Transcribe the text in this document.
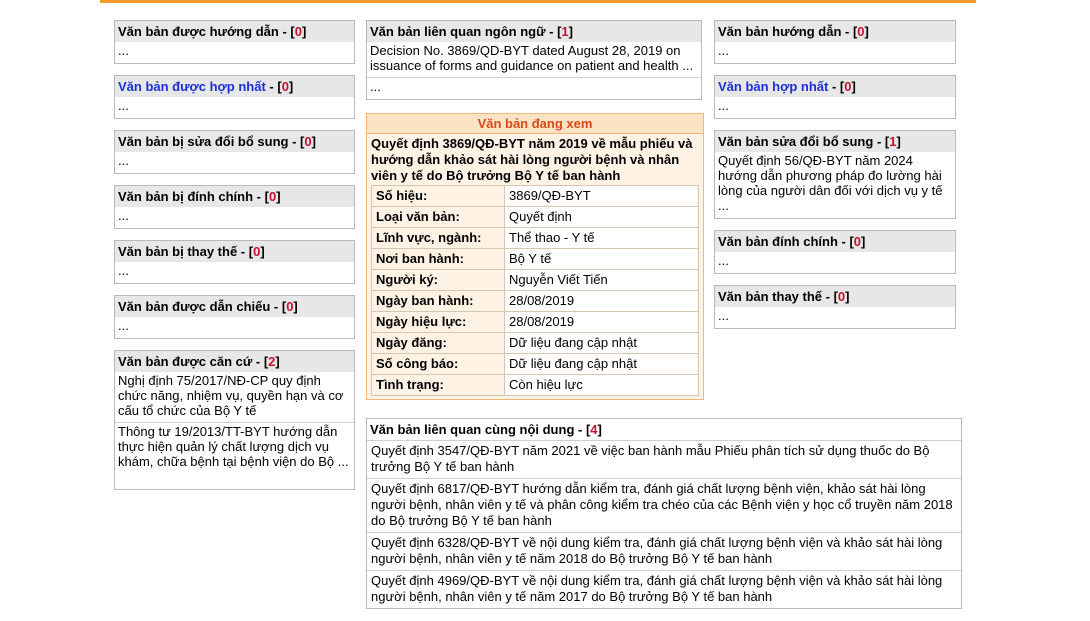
Văn bản được hướng dẫn - [0]
...
Văn bản được hợp nhất - [0]
...
Văn bản bị sửa đổi bổ sung - [0]
...
Văn bản bị đính chính - [0]
...
Văn bản bị thay thế - [0]
...
Văn bản được dẫn chiếu - [0]
...
Văn bản được căn cứ - [2]
Nghị định 75/2017/NĐ-CP quy định chức năng, nhiệm vụ, quyền hạn và cơ cấu tổ chức của Bộ Y tế
Thông tư 19/2013/TT-BYT hướng dẫn thực hiện quản lý chất lượng dịch vụ khám, chữa bệnh tại bệnh viện do Bộ ...
Văn bản liên quan ngôn ngữ - [1]
Decision No. 3869/QD-BYT dated August 28, 2019 on issuance of forms and guidance on patient and health ...
...
Văn bản đang xem
Quyết định 3869/QĐ-BYT năm 2019 về mẫu phiếu và hướng dẫn khảo sát hài lòng người bệnh và nhân viên y tế do Bộ trưởng Bộ Y tế ban hành
Số hiệu:	3869/QĐ-BYT
Loại văn bản:	Quyết định
Lĩnh vực, ngành:	Thể thao - Y tế
Nơi ban hành:	Bộ Y tế
Người ký:	Nguyễn Viết Tiến
Ngày ban hành:	28/08/2019
Ngày hiệu lực:	28/08/2019
Ngày đăng:	Dữ liệu đang cập nhật
Số công báo:	Dữ liệu đang cập nhật
Tình trạng:	Còn hiệu lực
Văn bản hướng dẫn - [0]
...
Văn bản hợp nhất - [0]
...
Văn bản sửa đổi bổ sung - [1]
Quyết định 56/QĐ-BYT năm 2024 hướng dẫn phương pháp đo lường hài lòng của người dân đối với dịch vụ y tế ...
Văn bản đính chính - [0]
...
Văn bản thay thế - [0]
...
Văn bản liên quan cùng nội dung - [4]
Quyết định 3547/QĐ-BYT năm 2021 về việc ban hành mẫu Phiếu phân tích sử dụng thuốc do Bộ trưởng Bộ Y tế ban hành
Quyết định 6817/QĐ-BYT hướng dẫn kiểm tra, đánh giá chất lượng bệnh viện, khảo sát hài lòng người bệnh, nhân viên y tế và phân công kiểm tra chéo của các Bệnh viện y học cổ truyền năm 2018 do Bộ trưởng Bộ Y tế ban hành
Quyết định 6328/QĐ-BYT về nội dung kiểm tra, đánh giá chất lượng bệnh viện và khảo sát hài lòng người bệnh, nhân viên y tế năm 2018 do Bộ trưởng Bộ Y tế ban hành
Quyết định 4969/QĐ-BYT về nội dung kiểm tra, đánh giá chất lượng bệnh viện và khảo sát hài lòng người bệnh, nhân viên y tế năm 2017 do Bộ trưởng Bộ Y tế ban hành
